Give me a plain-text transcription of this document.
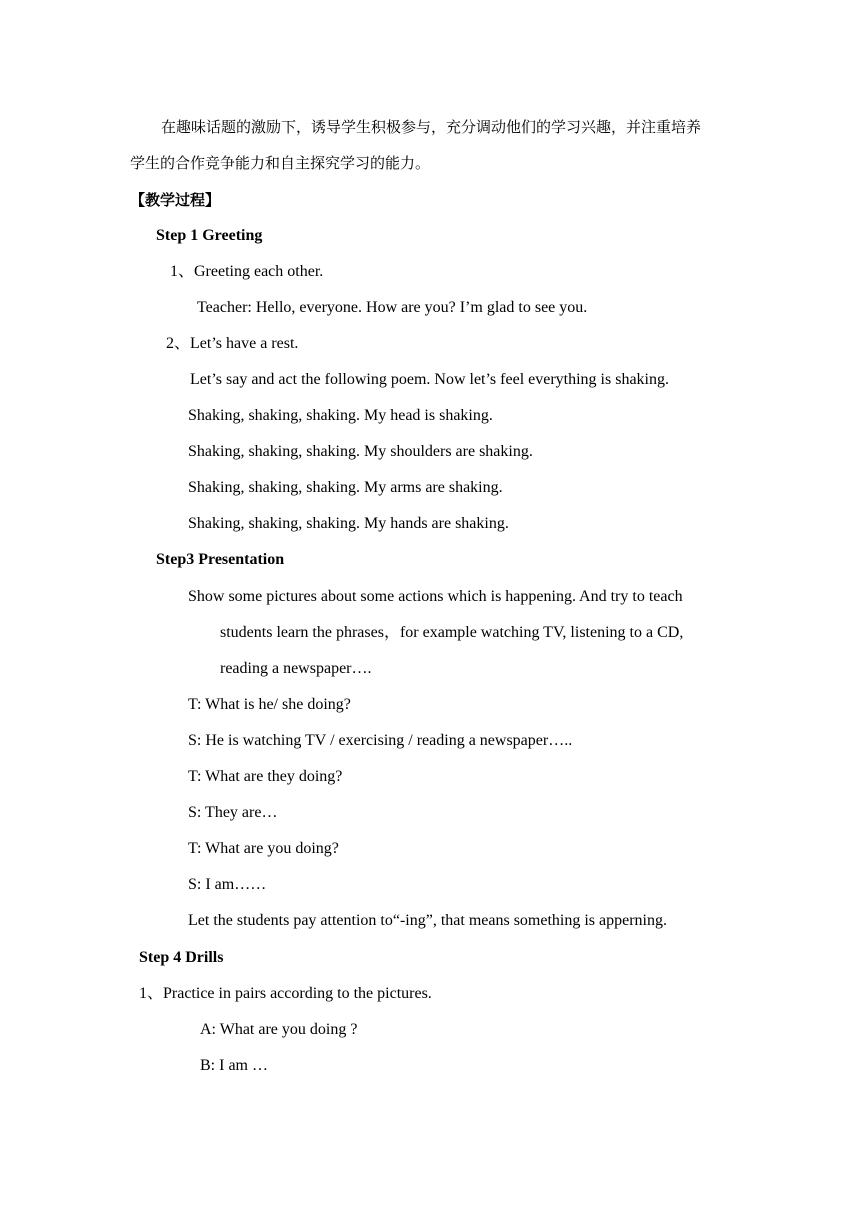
在趣味话题的激励下，诱导学生积极参与，充分调动他们的学习兴趣，并注重培养
学生的合作竞争能力和自主探究学习的能力。
【教学过程】
Step 1 Greeting
1、Greeting each other.
Teacher: Hello, everyone. How are you? I’m glad to see you.
2、Let’s have a rest.
Let’s say and act the following poem. Now let’s feel everything is shaking.
Shaking, shaking, shaking. My head is shaking.
Shaking, shaking, shaking. My shoulders are shaking.
Shaking, shaking, shaking. My arms are shaking.
Shaking, shaking, shaking. My hands are shaking.
Step3 Presentation
Show some pictures about some actions which is happening. And try to teach
students learn the phrases，for example watching TV, listening to a CD,
reading a newspaper….
T: What is he/ she doing?
S: He is watching TV / exercising / reading a newspaper…..
T: What are they doing?
S: They are…
T: What are you doing?
S: I am……
Let the students pay attention to“-ing”, that means something is apperning.
Step 4 Drills
1、Practice in pairs according to the pictures.
A: What are you doing ?
B: I am …
